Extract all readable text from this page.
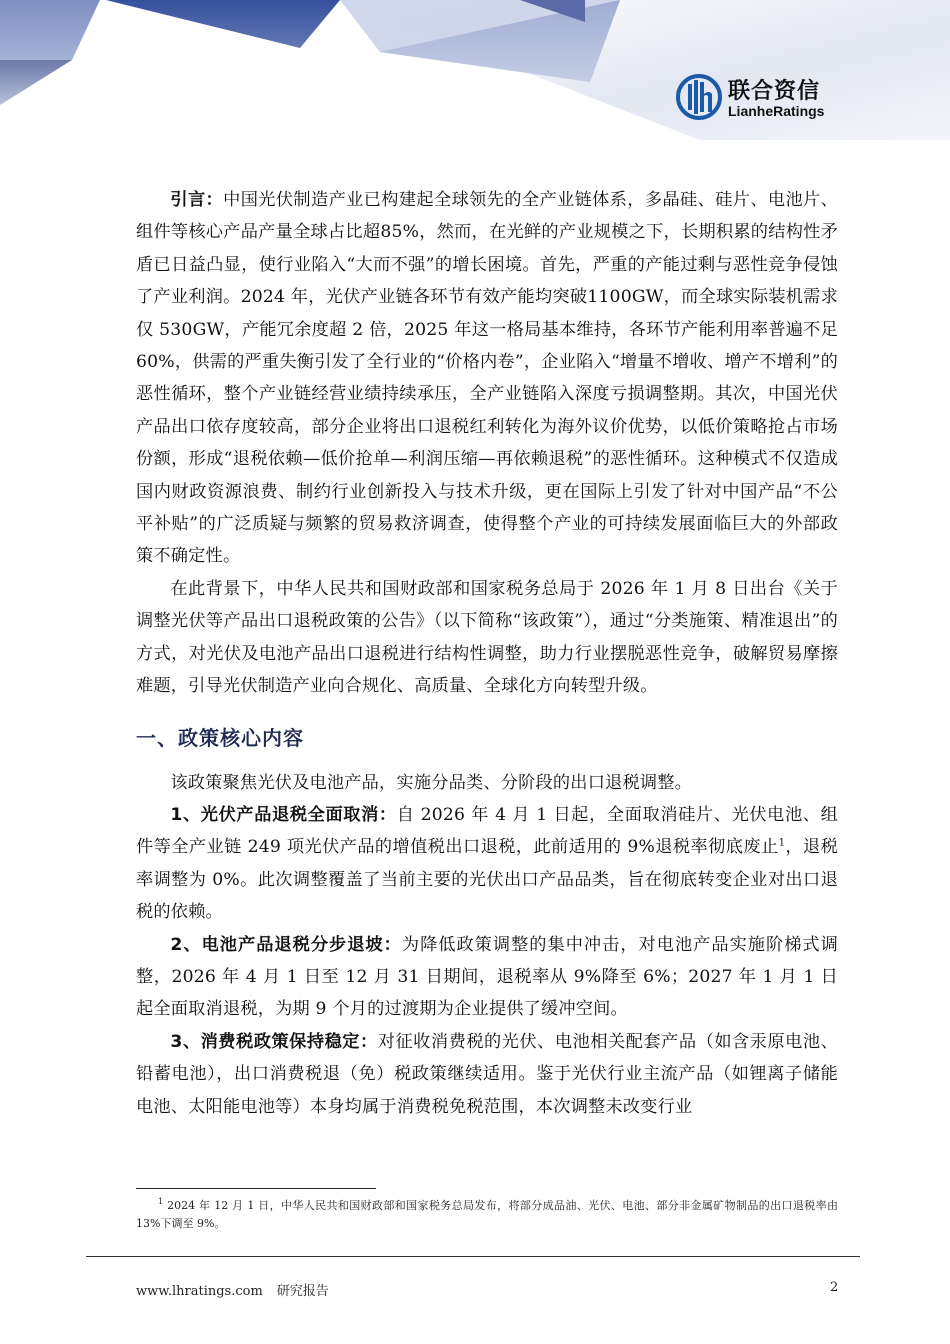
联合资信
LianheRatings

引言：中国光伏制造产业已构建起全球领先的全产业链体系，多晶硅、硅片、电池片、组件等核心产品产量全球占比超85%，然而，在光鲜的产业规模之下，长期积累的结构性矛盾已日益凸显，使行业陷入“大而不强”的增长困境。首先，严重的产能过剩与恶性竞争侵蚀了产业利润。2024 年，光伏产业链各环节有效产能均突破1100GW，而全球实际装机需求仅 530GW，产能冗余度超 2 倍，2025 年这一格局基本维持，各环节产能利用率普遍不足 60%，供需的严重失衡引发了全行业的“价格内卷”，企业陷入“增量不增收、增产不增利”的恶性循环，整个产业链经营业绩持续承压，全产业链陷入深度亏损调整期。其次，中国光伏产品出口依存度较高，部分企业将出口退税红利转化为海外议价优势，以低价策略抢占市场份额，形成“退税依赖—低价抢单—利润压缩—再依赖退税”的恶性循环。这种模式不仅造成国内财政资源浪费、制约行业创新投入与技术升级，更在国际上引发了针对中国产品“不公平补贴”的广泛质疑与频繁的贸易救济调查，使得整个产业的可持续发展面临巨大的外部政策不确定性。

在此背景下，中华人民共和国财政部和国家税务总局于 2026 年 1 月 8 日出台《关于调整光伏等产品出口退税政策的公告》（以下简称“该政策”），通过“分类施策、精准退出”的方式，对光伏及电池产品出口退税进行结构性调整，助力行业摆脱恶性竞争，破解贸易摩擦难题，引导光伏制造产业向合规化、高质量、全球化方向转型升级。

一、政策核心内容

该政策聚焦光伏及电池产品，实施分品类、分阶段的出口退税调整。

1、光伏产品退税全面取消：自 2026 年 4 月 1 日起，全面取消硅片、光伏电池、组件等全产业链 249 项光伏产品的增值税出口退税，此前适用的 9%退税率彻底废止$^1$，退税率调整为 0%。此次调整覆盖了当前主要的光伏出口产品品类，旨在彻底转变企业对出口退税的依赖。

2、电池产品退税分步退坡：为降低政策调整的集中冲击，对电池产品实施阶梯式调整，2026 年 4 月 1 日至 12 月 31 日期间，退税率从 9%降至 6%；2027 年 1 月 1 日起全面取消退税，为期 9 个月的过渡期为企业提供了缓冲空间。

3、消费税政策保持稳定：对征收消费税的光伏、电池相关配套产品（如含汞原电池、铅蓄电池），出口消费税退（免）税政策继续适用。鉴于光伏行业主流产品（如锂离子储能电池、太阳能电池等）本身均属于消费税免税范围，本次调整未改变行业

$^1$ 2024 年 12 月 1 日，中华人民共和国财政部和国家税务总局发布，将部分成品油、光伏、电池、部分非金属矿物制品的出口退税率由 13%下调至 9%。
www.lhratings.com 研究报告	2
